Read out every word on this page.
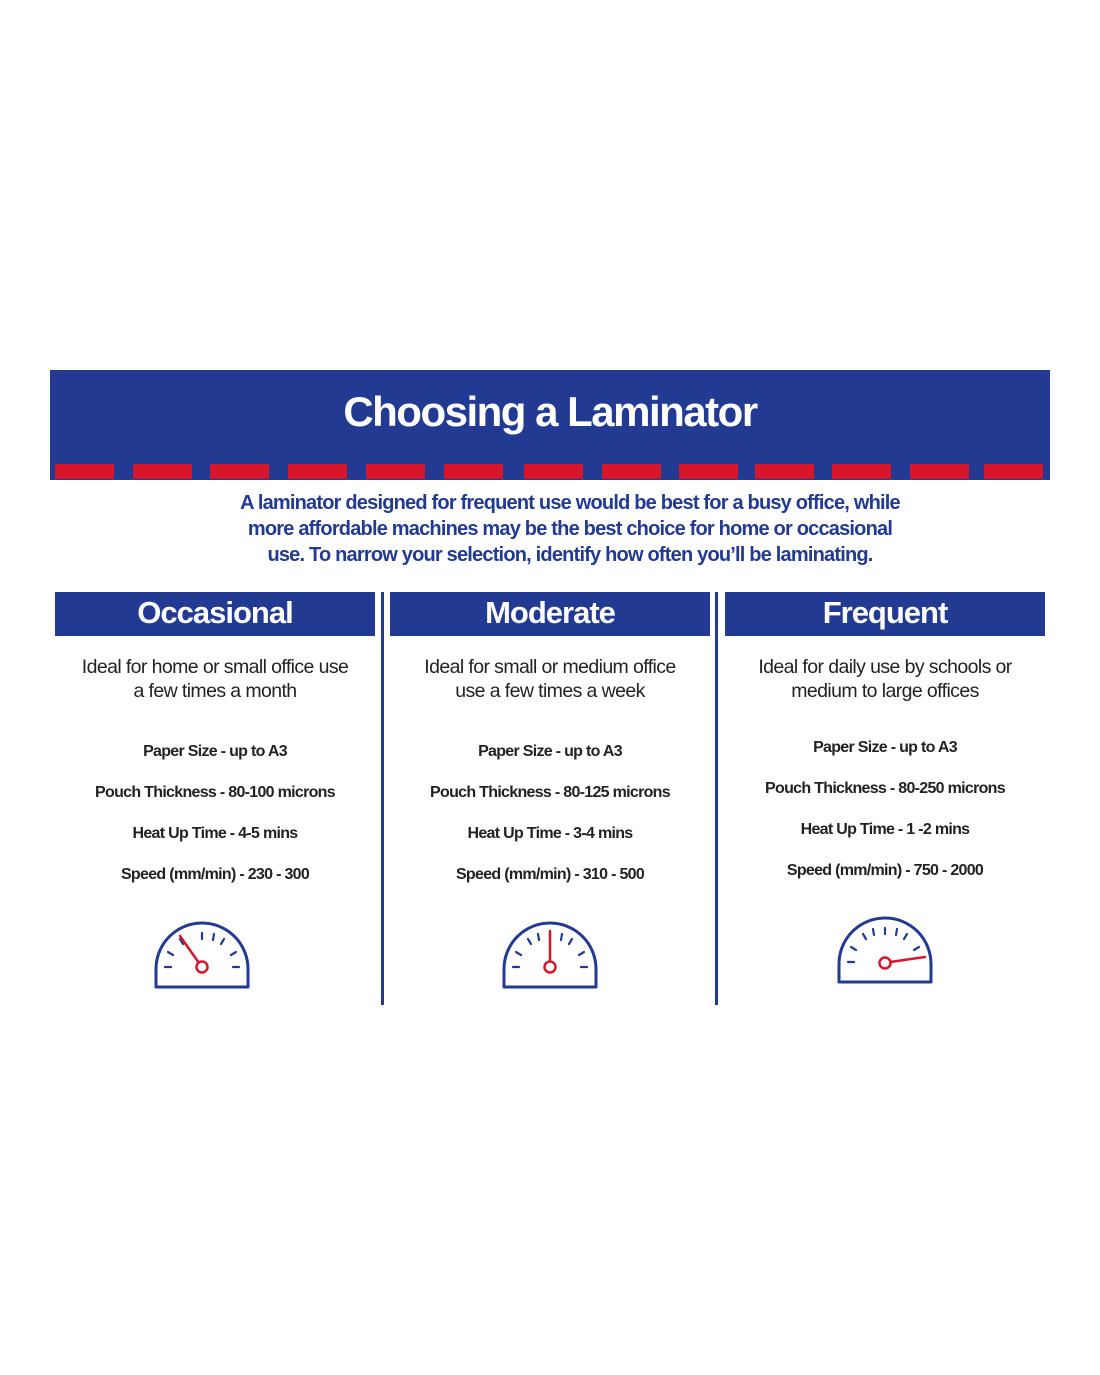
Choosing a Laminator
A laminator designed for frequent use would be best for a busy office, while
more affordable machines may be the best choice for home or occasional
use. To narrow your selection, identify how often you’ll be laminating.
Occasional	Moderate	Frequent

Ideal for home or small office use
a few times a month

Paper Size - up to A3
Pouch Thickness - 80-100 microns
Heat Up Time - 4-5 mins
Speed (mm/min) - 230 - 300

Ideal for small or medium office
use a few times a week

Paper Size - up to A3
Pouch Thickness - 80-125 microns
Heat Up Time - 3-4 mins
Speed (mm/min) - 310 - 500

Ideal for daily use by schools or
medium to large offices

Paper Size - up to A3
Pouch Thickness - 80-250 microns
Heat Up Time - 1 -2 mins
Speed (mm/min) - 750 - 2000
